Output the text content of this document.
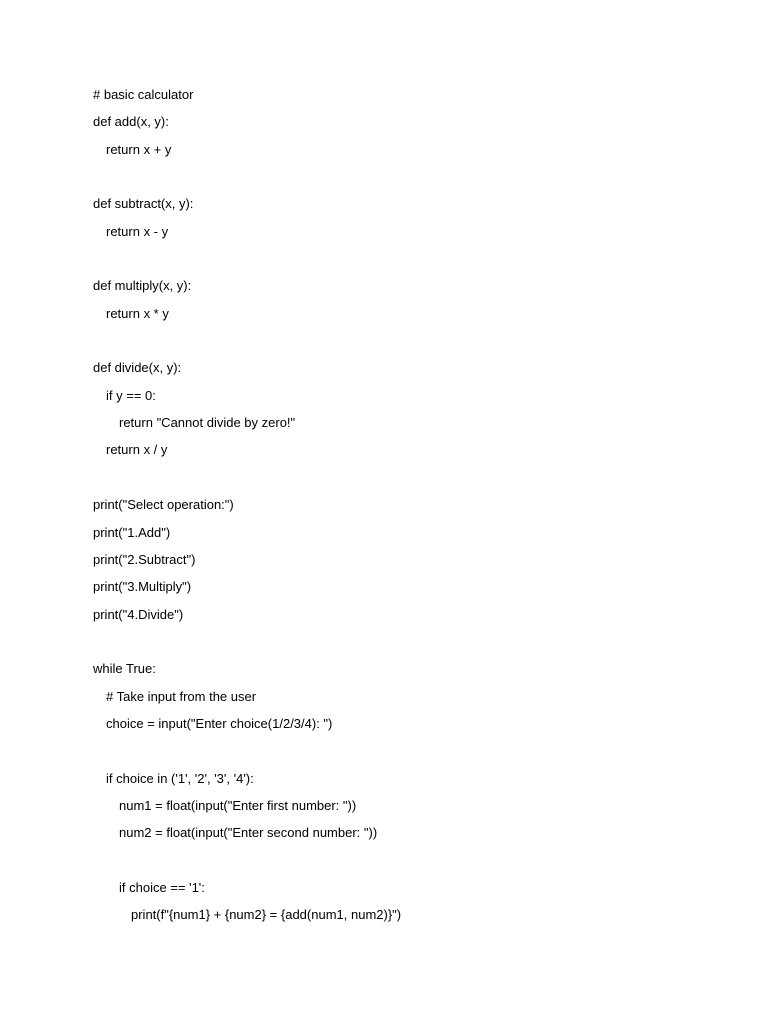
# basic calculator
def add(x, y):
return x + y
def subtract(x, y):
return x - y
def multiply(x, y):
return x * y
def divide(x, y):
if y == 0:
return "Cannot divide by zero!"
return x / y
print("Select operation:")
print("1.Add")
print("2.Subtract")
print("3.Multiply")
print("4.Divide")
while True:
# Take input from the user
choice = input("Enter choice(1/2/3/4): ")
if choice in ('1', '2', '3', '4'):
num1 = float(input("Enter first number: "))
num2 = float(input("Enter second number: "))
if choice == '1':
print(f"{num1} + {num2} = {add(num1, num2)}")
